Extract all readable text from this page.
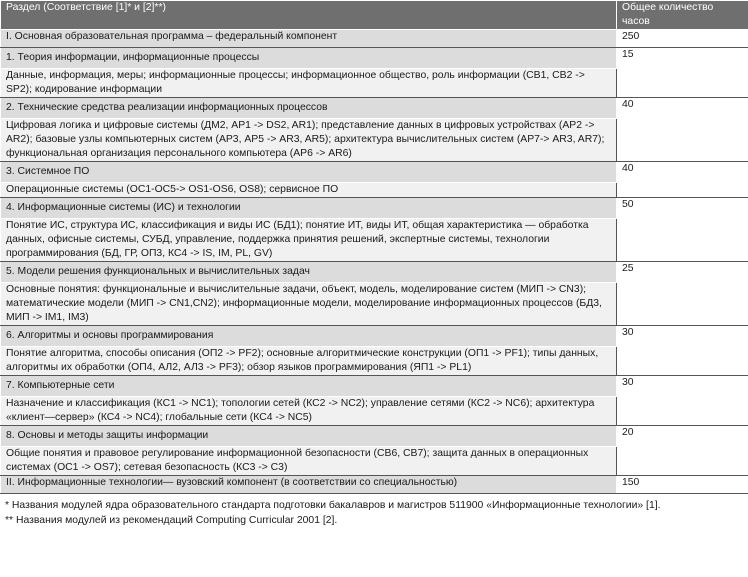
Раздел (Соответствие [1]* и [2]**)	Общее количество часов
I. Основная образовательная программа – федеральный компонент	250
1. Теория информации, информационные процессы	15
Данные, информация, меры; информационные процессы; информационное общество, роль информации (СВ1, СВ2 -> SP2); кодирование информации	
2. Технические средства реализации информационных процессов	40
Цифровая логика и цифровые системы (ДМ2, АР1 -> DS2, AR1); представление данных в цифровых устройствах (АР2 -> AR2); базовые узлы компьютерных систем (АР3, АР5 -> AR3, AR5); архитектура вычислительных систем (АР7-> AR3, AR7); функциональная организация персонального компьютера (АР6 -> AR6)	
3. Системное ПО	40
Операционные системы (ОС1-ОС5-> OS1-OS6, OS8); сервисное ПО	
4. Информационные системы (ИС) и технологии	50
Понятие ИС, структура ИС, классификация и виды ИС (БД1); понятие ИТ, виды ИТ, общая характеристика — обработка данных, офисные системы, СУБД, управление, поддержка принятия решений, экспертные системы, технологии программирования (БД, ГР, ОП3, КС4 -> IS, IM, PL, GV)	
5. Модели решения функциональных и вычислительных задач	25
Основные понятия: функциональные и вычислительные задачи, объект, модель, моделирование систем (МИП -> CN3); математические модели (МИП -> CN1,CN2); информационные модели, моделирование информационных процессов (БД3, МИП -> IM1, IM3)	
6. Алгоритмы и основы программирования	30
Понятие алгоритма, способы описания (ОП2 -> PF2); основные алгоритмические конструкции (ОП1 -> PF1); типы данных, алгоритмы их обработки (ОП4, АЛ2, АЛ3 -> PF3); обзор языков программирования (ЯП1 -> PL1)	
7. Компьютерные сети	30
Назначение и классификация (КС1 -> NC1); топологии сетей (КС2 -> NC2); управление сетями (КС2 -> NC6); архитектура «клиент—сервер» (КС4 -> NC4); глобальные сети (КС4 -> NC5)	
8. Основы и методы защиты информации	20
Общие понятия и правовое регулирование информационной безопасности (СВ6, СВ7); защита данных в операционных системах (ОС1 -> OS7); сетевая безопасность (КС3 -> C3)	
II. Информационные технологии— вузовский компонент (в соответствии со специальностью)	150
* Названия модулей ядра образовательного стандарта подготовки бакалавров и магистров 511900 «Информационные технологии» [1].
** Названия модулей из рекомендаций Computing Curricular 2001 [2].
